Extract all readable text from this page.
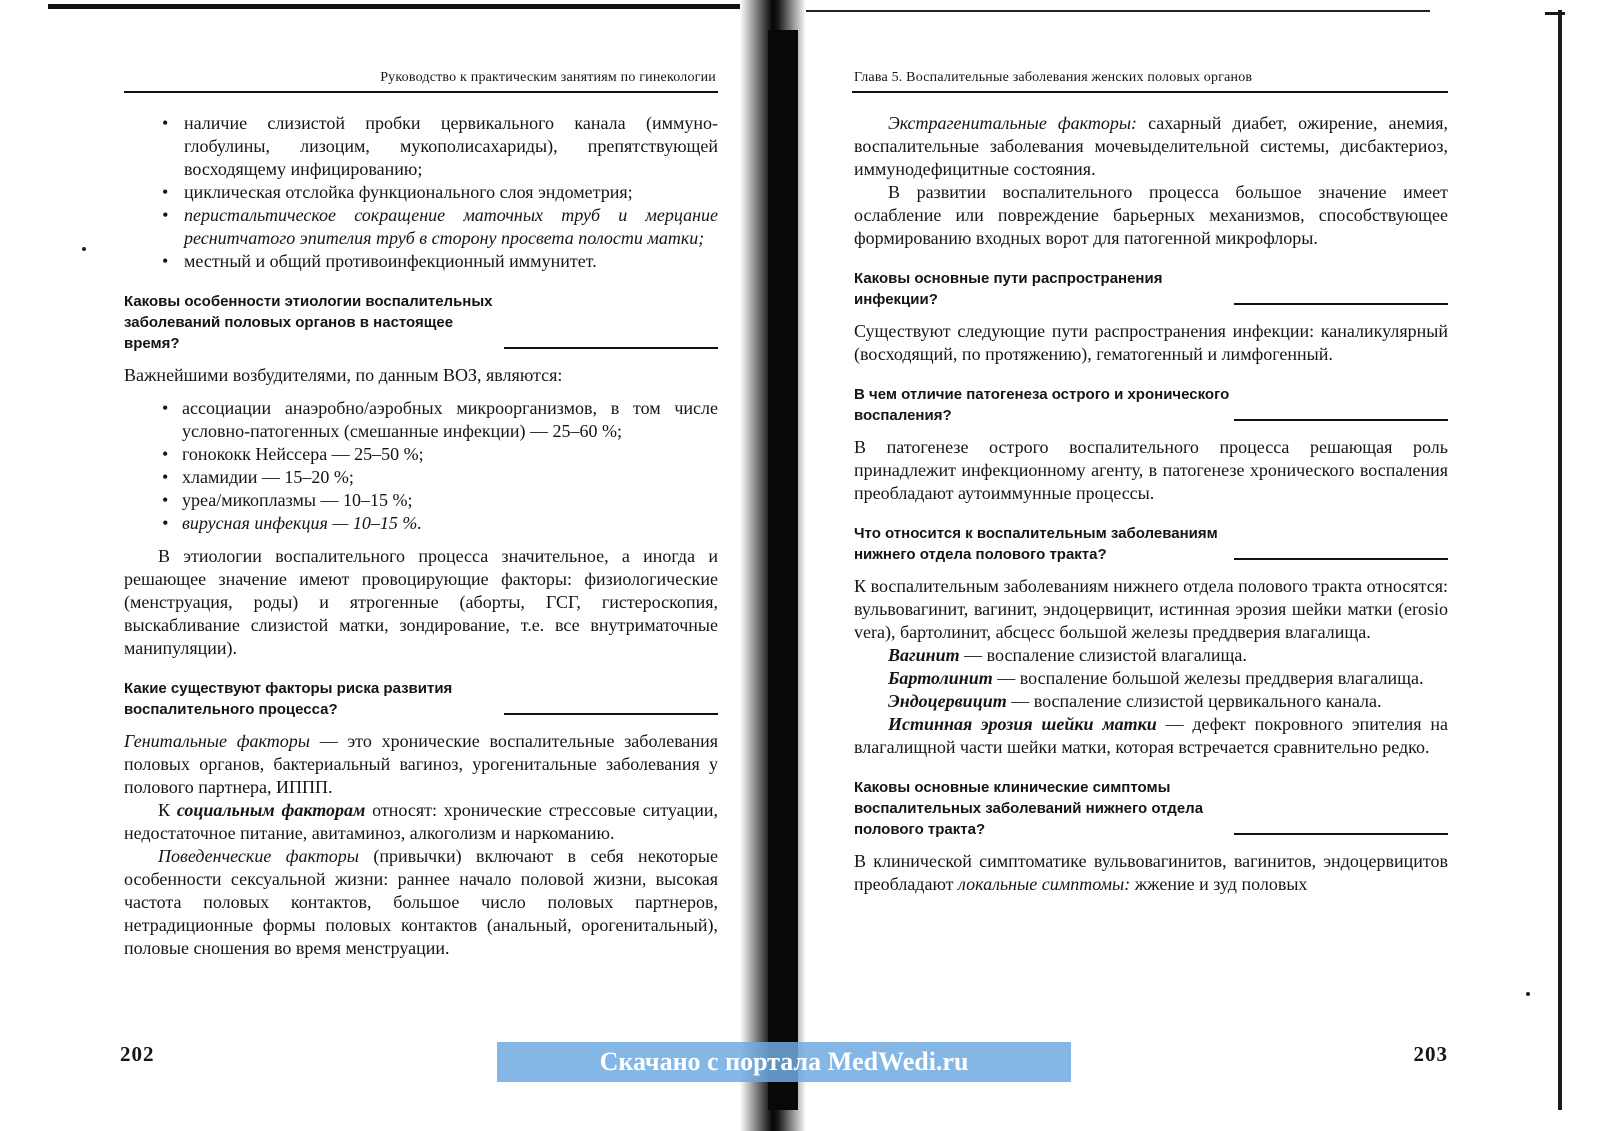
Руководство к практическим занятиям по гинекологии
• наличие слизистой пробки цервикального канала (иммуно-глобулины, лизоцим, мукополисахариды), препятствующей восходящему инфицированию;
• циклическая отслойка функционального слоя эндометрия;
• перистальтическое сокращение маточных труб и мерцание реснитчатого эпителия труб в сторону просвета полости матки;
• местный и общий противоинфекционный иммунитет.
Каковы особенности этиологии воспалительных заболеваний половых органов в настоящее время?

Важнейшими возбудителями, по данным ВОЗ, являются:

• ассоциации анаэробно/аэробных микроорганизмов, в том числе условно-патогенных (смешанные инфекции) — 25–60 %;
• гонококк Нейссера — 25–50 %;
• хламидии — 15–20 %;
• уреа/микоплазмы — 10–15 %;
• вирусная инфекция — 10–15 %.

В этиологии воспалительного процесса значительное, а иногда и решающее значение имеют провоцирующие факторы: физиологические (менструация, роды) и ятрогенные (аборты, ГСГ, гистероскопия, выскабливание слизистой матки, зондирование, т.е. все внутриматочные манипуляции).

Какие существуют факторы риска развития воспалительного процесса?

Генитальные факторы — это хронические воспалительные заболевания половых органов, бактериальный вагиноз, урогенитальные заболевания у полового партнера, ИППП.

К социальным факторам относят: хронические стрессовые ситуации, недостаточное питание, авитаминоз, алкоголизм и наркоманию.

Поведенческие факторы (привычки) включают в себя некоторые особенности сексуальной жизни: раннее начало половой жизни, высокая частота половых контактов, большое число половых партнеров, нетрадиционные формы половых контактов (анальный, орогенитальный), половые сношения во время менструации.

202
Глава 5. Воспалительные заболевания женских половых органов

Экстрагенитальные факторы: сахарный диабет, ожирение, анемия, воспалительные заболевания мочевыделительной системы, дисбактериоз, иммунодефицитные состояния.

В развитии воспалительного процесса большое значение имеет ослабление или повреждение барьерных механизмов, способствующее формированию входных ворот для патогенной микрофлоры.

Каковы основные пути распространения инфекции?

Существуют следующие пути распространения инфекции: каналикулярный (восходящий, по протяжению), гематогенный и лимфогенный.

В чем отличие патогенеза острого и хронического воспаления?

В патогенезе острого воспалительного процесса решающая роль принадлежит инфекционному агенту, в патогенезе хронического воспаления преобладают аутоиммунные процессы.

Что относится к воспалительным заболеваниям нижнего отдела полового тракта?

К воспалительным заболеваниям нижнего отдела полового тракта относятся: вульвовагинит, вагинит, эндоцервицит, истинная эрозия шейки матки (erosio vera), бартолинит, абсцесс большой железы преддверия влагалища.

Вагинит — воспаление слизистой влагалища.

Бартолинит — воспаление большой железы преддверия влагалища.

Эндоцервицит — воспаление слизистой цервикального канала.

Истинная эрозия шейки матки — дефект покровного эпителия на влагалищной части шейки матки, которая встречается сравнительно редко.

Каковы основные клинические симптомы воспалительных заболеваний нижнего отдела полового тракта?

В клинической симптоматике вульвовагинитов, вагинитов, эндоцервицитов преобладают локальные симптомы: жжение и зуд половых

203
Скачано с портала MedWedi.ru
